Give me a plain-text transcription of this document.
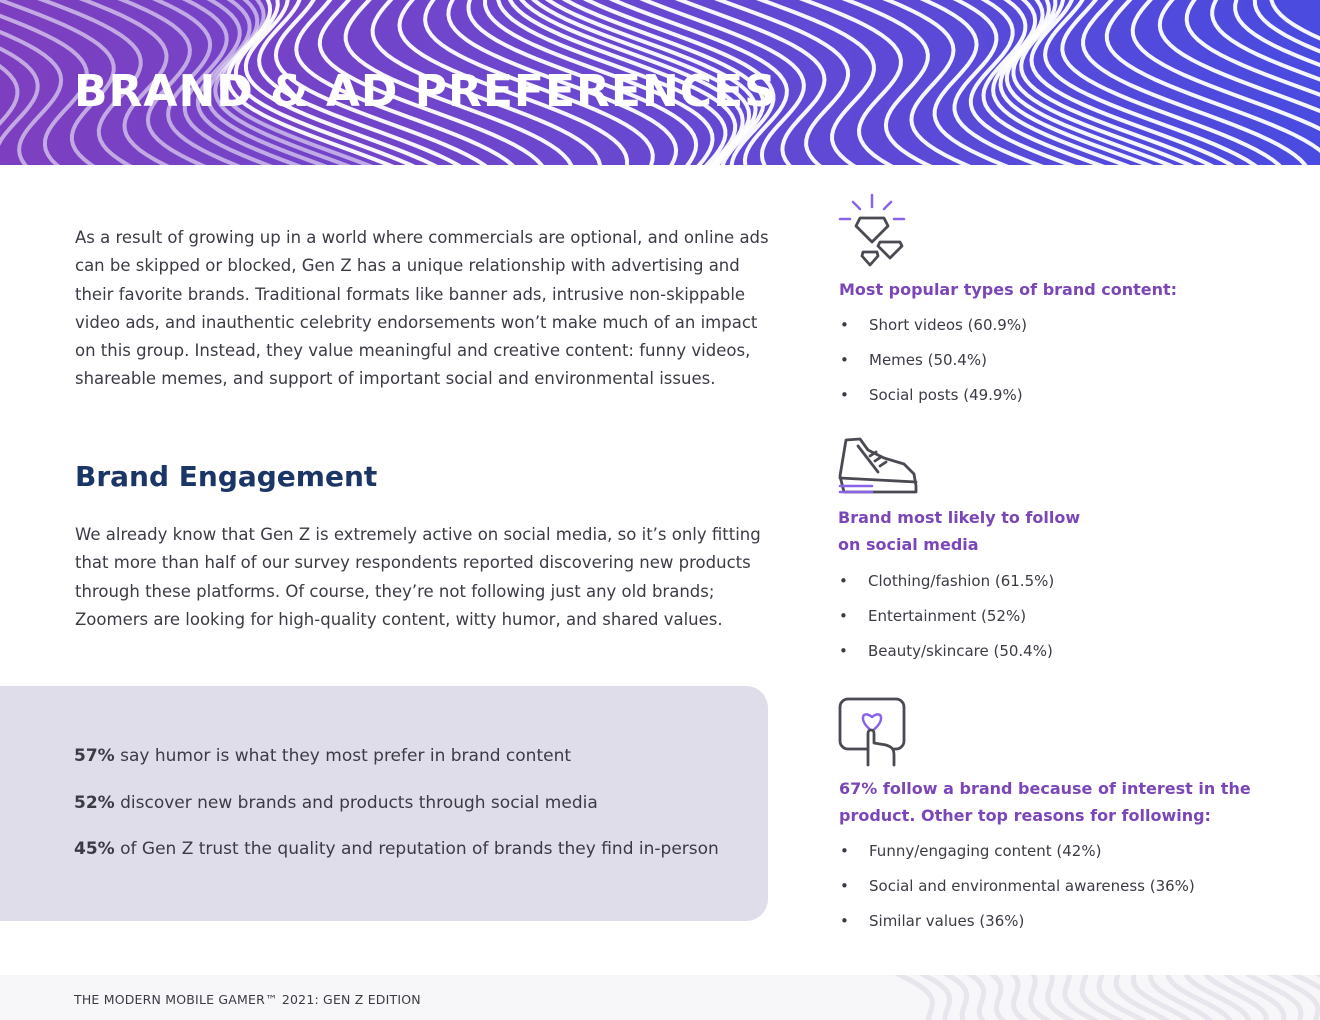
BRAND & AD PREFERENCES

As a result of growing up in a world where commercials are optional, and online ads can be skipped or blocked, Gen Z has a unique relationship with advertising and their favorite brands. Traditional formats like banner ads, intrusive non-skippable video ads, and inauthentic celebrity endorsements won’t make much of an impact on this group. Instead, they value meaningful and creative content: funny videos, shareable memes, and support of important social and environmental issues.

Brand Engagement

We already know that Gen Z is extremely active on social media, so it’s only fitting that more than half of our survey respondents reported discovering new products through these platforms. Of course, they’re not following just any old brands; Zoomers are looking for high-quality content, witty humor, and shared values.

57% say humor is what they most prefer in brand content

52% discover new brands and products through social media

45% of Gen Z trust the quality and reputation of brands they find in-person

Most popular types of brand content:

• Short videos (60.9%)
• Memes (50.4%)
• Social posts (49.9%)

Brand most likely to follow
on social media

• Clothing/fashion (61.5%)
• Entertainment (52%)
• Beauty/skincare (50.4%)

67% follow a brand because of interest in the
product. Other top reasons for following:

• Funny/engaging content (42%)
• Social and environmental awareness (36%)
• Similar values (36%)
THE MODERN MOBILE GAMER™ 2021: GEN Z EDITION
